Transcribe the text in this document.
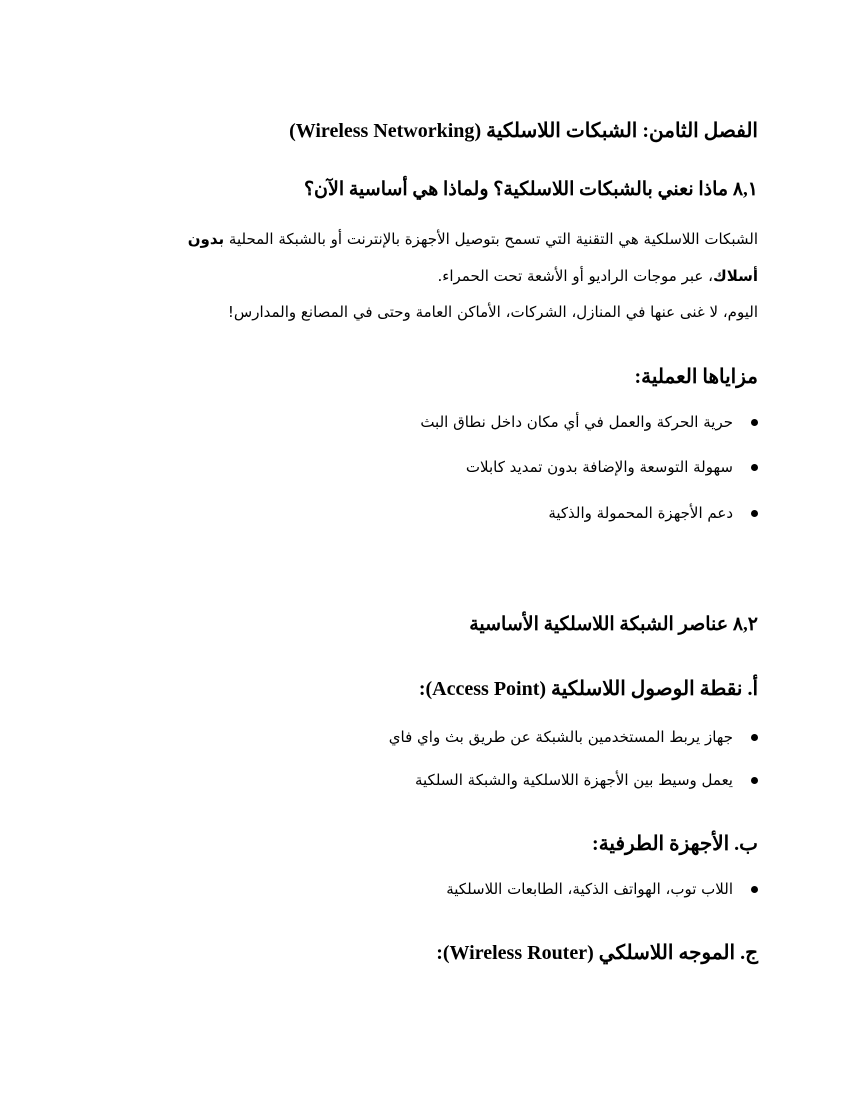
الفصل الثامن: الشبكات اللاسلكية (Wireless Networking)
٨,١ ماذا نعني بالشبكات اللاسلكية؟ ولماذا هي أساسية الآن؟
الشبكات اللاسلكية هي التقنية التي تسمح بتوصيل الأجهزة بالإنترنت أو بالشبكة المحلية بدون
أسلاك، عبر موجات الراديو أو الأشعة تحت الحمراء.
اليوم، لا غنى عنها في المنازل، الشركات، الأماكن العامة وحتى في المصانع والمدارس!
مزاياها العملية:
حرية الحركة والعمل في أي مكان داخل نطاق البث
سهولة التوسعة والإضافة بدون تمديد كابلات
دعم الأجهزة المحمولة والذكية
٨,٢ عناصر الشبكة اللاسلكية الأساسية
أ. نقطة الوصول اللاسلكية (Access Point):
جهاز يربط المستخدمين بالشبكة عن طريق بث واي فاي
يعمل وسيط بين الأجهزة اللاسلكية والشبكة السلكية
ب. الأجهزة الطرفية:
اللاب توب، الهواتف الذكية، الطابعات اللاسلكية
ج. الموجه اللاسلكي (Wireless Router):
